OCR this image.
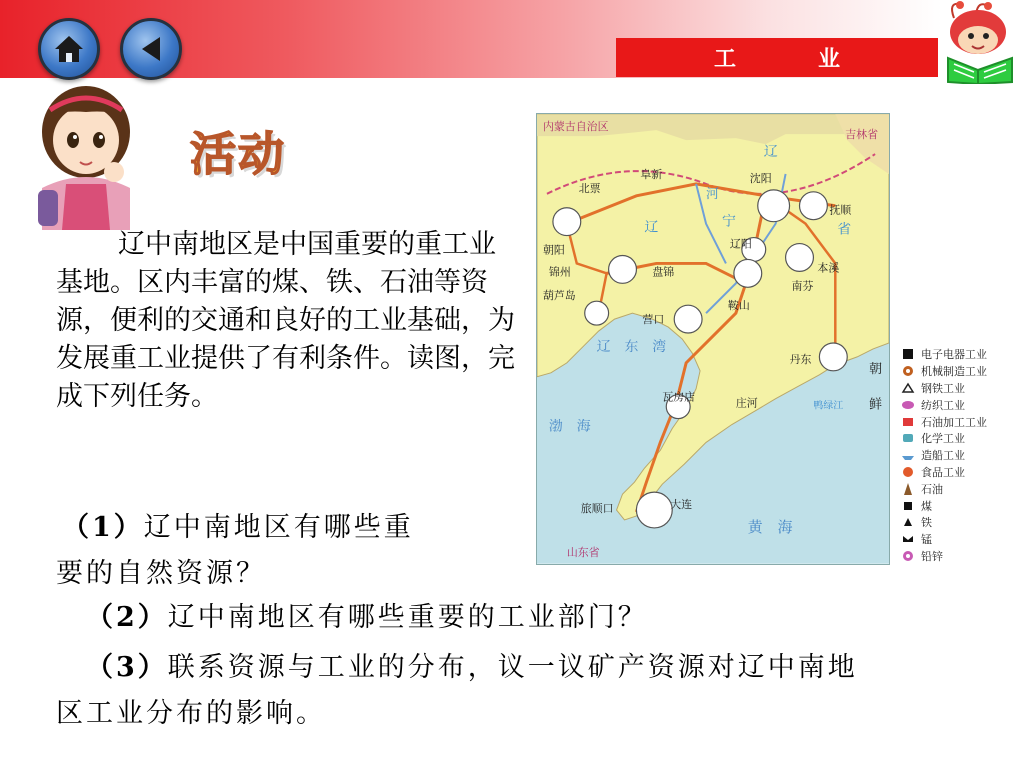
工　业
活动
辽中南地区是中国重要的重工业基地。区内丰富的煤、铁、石油等资源，便利的交通和良好的工业基础，为发展重工业提供了有利条件。读图，完成下列任务。
内蒙古自治区
吉林省
阜新
北票
沈阳
辽
抚顺
朝阳
辽	宁
河
省
辽阳
锦州	盘锦	本溪
南芬
葫芦岛
鞍山
营口
辽　东　湾
丹东
朝
鲜
瓦房店	庄河
渤　海
旅顺口	大连
黄　海
鸭绿江
山东省
电子电器工业
机械制造工业
钢铁工业
纺织工业
石油加工工业
化学工业
造船工业
食品工业
石油
煤
铁
锰
铅锌
（1）辽中南地区有哪些重
要的自然资源？
（2）辽中南地区有哪些重要的工业部门？
（3）联系资源与工业的分布，议一议矿产资源对辽中南地
区工业分布的影响。
